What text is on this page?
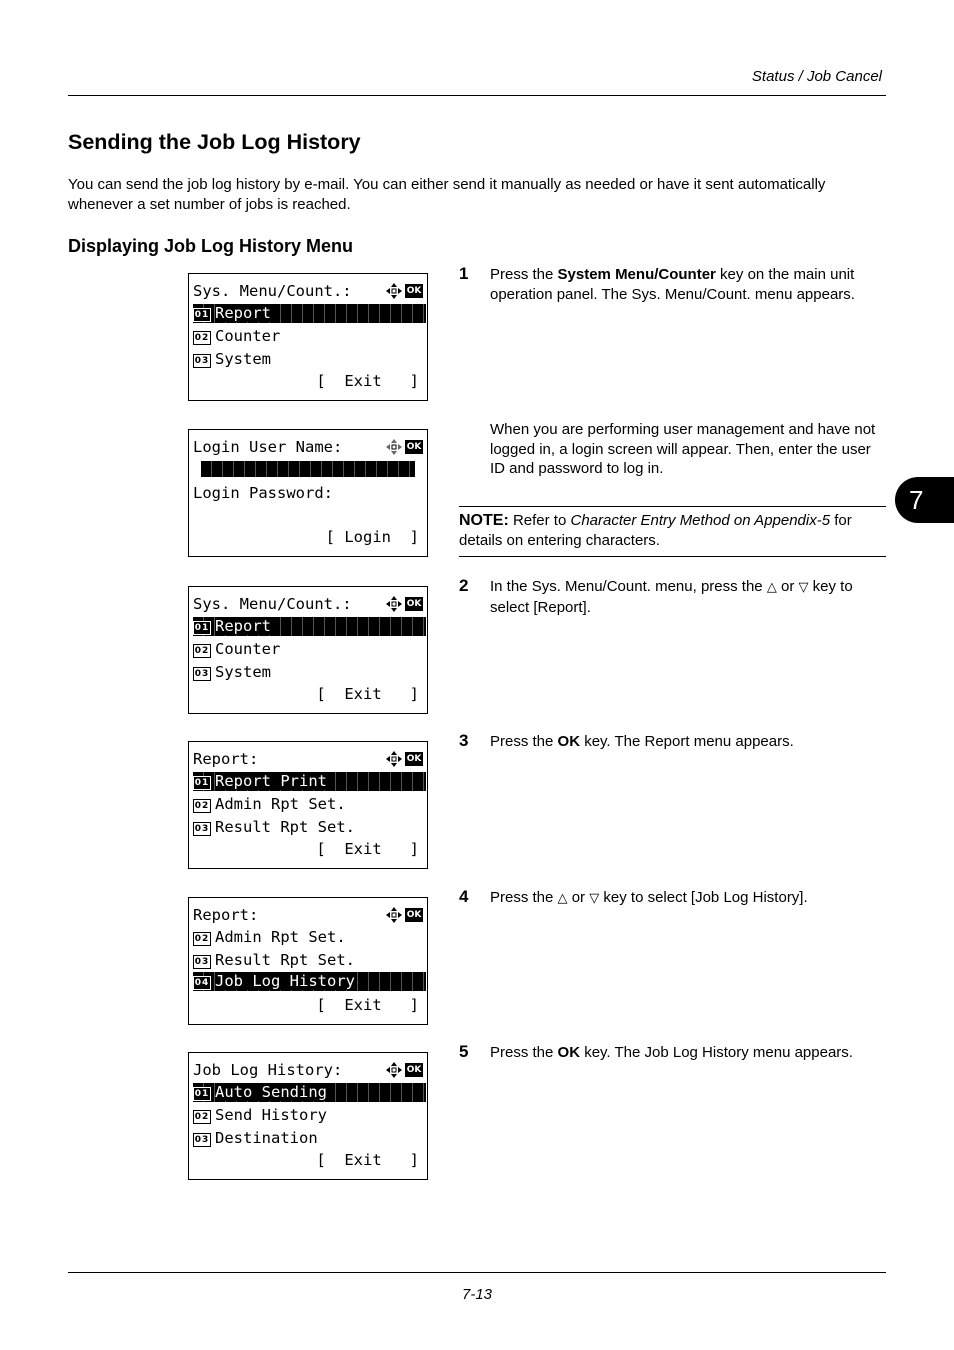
Status / Job Cancel
7
Sending the Job Log History
You can send the job log history by e-mail. You can either send it manually as needed or have it sent automatically whenever a set number of jobs is reached.
Displaying Job Log History Menu
Sys. Menu/Count.:	OK
01 Report
02 Counter
03 System
[  Exit   ]
Login User Name:	OK
Login Password:
[ Login  ]
Sys. Menu/Count.:	OK
01 Report
02 Counter
03 System
[  Exit   ]
Report:	OK
01 Report Print
02 Admin Rpt Set.
03 Result Rpt Set.
[  Exit   ]
Report:	OK
02 Admin Rpt Set.
03 Result Rpt Set.
04 Job Log History
[  Exit   ]
Job Log History:	OK
01 Auto Sending
02 Send History
03 Destination
[  Exit   ]
1 Press the System Menu/Counter key on the main unit operation panel. The Sys. Menu/Count. menu appears.
When you are performing user management and have not logged in, a login screen will appear. Then, enter the user ID and password to log in.
NOTE: Refer to Character Entry Method on Appendix-5 for details on entering characters.
2 In the Sys. Menu/Count. menu, press the △ or ▽ key to select [Report].
3 Press the OK key. The Report menu appears.
4 Press the △ or ▽ key to select [Job Log History].
5 Press the OK key. The Job Log History menu appears.
7-13
